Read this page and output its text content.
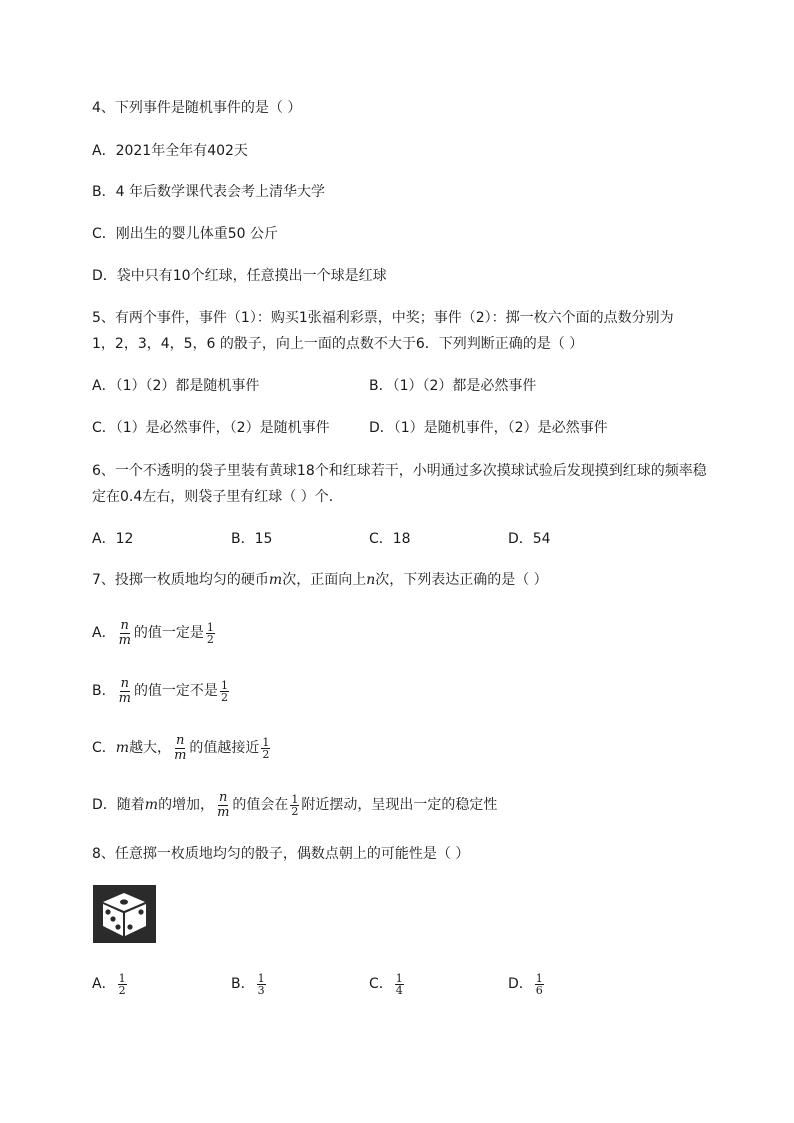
4、下列事件是随机事件的是（ ）
A．2021年全年有402天
B．4 年后数学课代表会考上清华大学
C．刚出生的婴儿体重50 公斤
D．袋中只有10个红球，任意摸出一个球是红球
5、有两个事件，事件（1）：购买1张福利彩票，中奖；事件（2）：掷一枚六个面的点数分别为
1，2，3，4，5，6 的骰子，向上一面的点数不大于6．下列判断正确的是（ ）
A．（1）（2）都是随机事件	B．（1）（2）都是必然事件
C．（1）是必然事件，（2）是随机事件	D．（1）是随机事件，（2）是必然事件
6、一个不透明的袋子里装有黄球18个和红球若干，小明通过多次摸球试验后发现摸到红球的频率稳
定在0.4左右，则袋子里有红球（ ）个．
A．12	B．15	C．18	D．54
7、投掷一枚质地均匀的硬币m次，正面向上n次，下列表达正确的是（ ）
A． $\frac{n}{m}$ 的值一定是 $\frac{1}{2}$
B． $\frac{n}{m}$ 的值一定不是 $\frac{1}{2}$
C．m越大， $\frac{n}{m}$ 的值越接近 $\frac{1}{2}$
D．随着m的增加， $\frac{n}{m}$ 的值会在 $\frac{1}{2}$ 附近摆动，呈现出一定的稳定性
8、任意掷一枚质地均匀的骰子，偶数点朝上的可能性是（ ）
A． $\frac{1}{2}$	B． $\frac{1}{3}$	C． $\frac{1}{4}$	D． $\frac{1}{6}$
